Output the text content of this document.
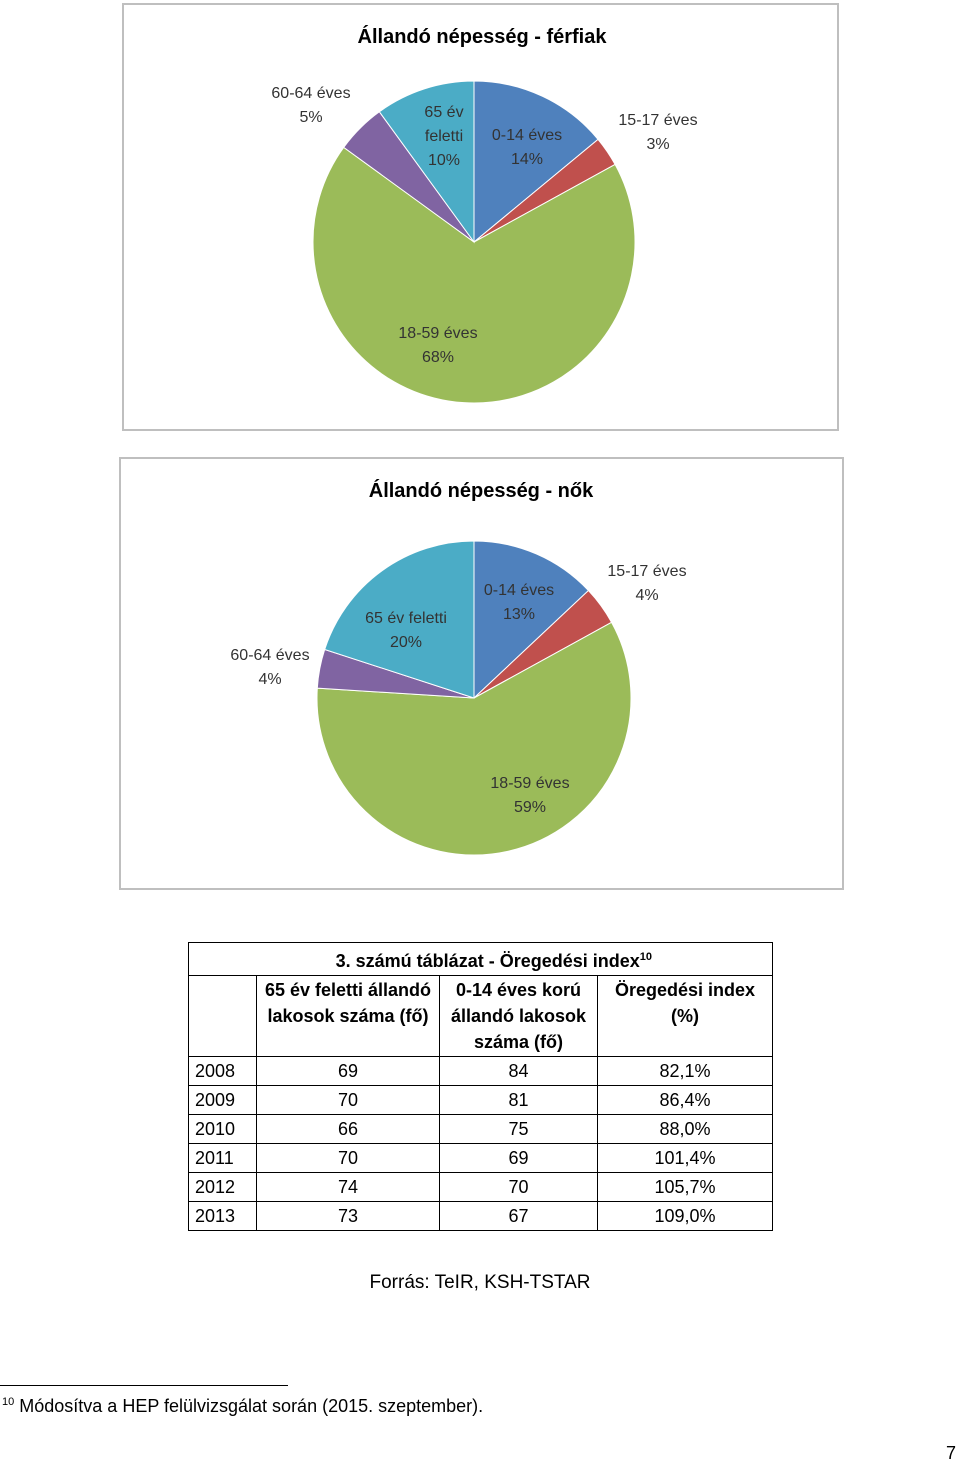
Állandó népesség - férfiak
0-14 éves 14%
15-17 éves 3%
18-59 éves 68%
60-64 éves 5%	65 év feletti 10%
Állandó népesség - nők
0-14 éves 13%
15-17 éves 4%
18-59 éves 59%
60-64 éves 4%
65 év feletti 20%
3. számú táblázat - Öregedési index$^{10}$
	65 év feletti állandó lakosok száma (fő)	0-14 éves korú állandó lakosok száma (fő)	Öregedési index (%)
2008	69	84	82,1%
2009	70	81	86,4%
2010	66	75	88,0%
2011	70	69	101,4%
2012	74	70	105,7%
2013	73	67	109,0%
Forrás: TeIR, KSH-TSTAR
$^{10}$ Módosítva a HEP felülvizsgálat során (2015. szeptember).
7
